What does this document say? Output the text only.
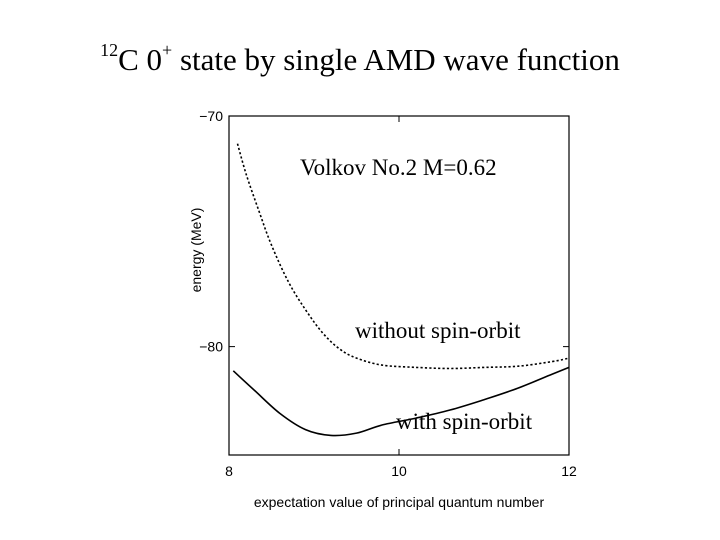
$^{12}$C 0+ state by single AMD wave function
8	10	12
−70
−80
expectation value of principal quantum number
energy (MeV)
Volkov No.2 M=0.62
without spin-orbit
with spin-orbit
